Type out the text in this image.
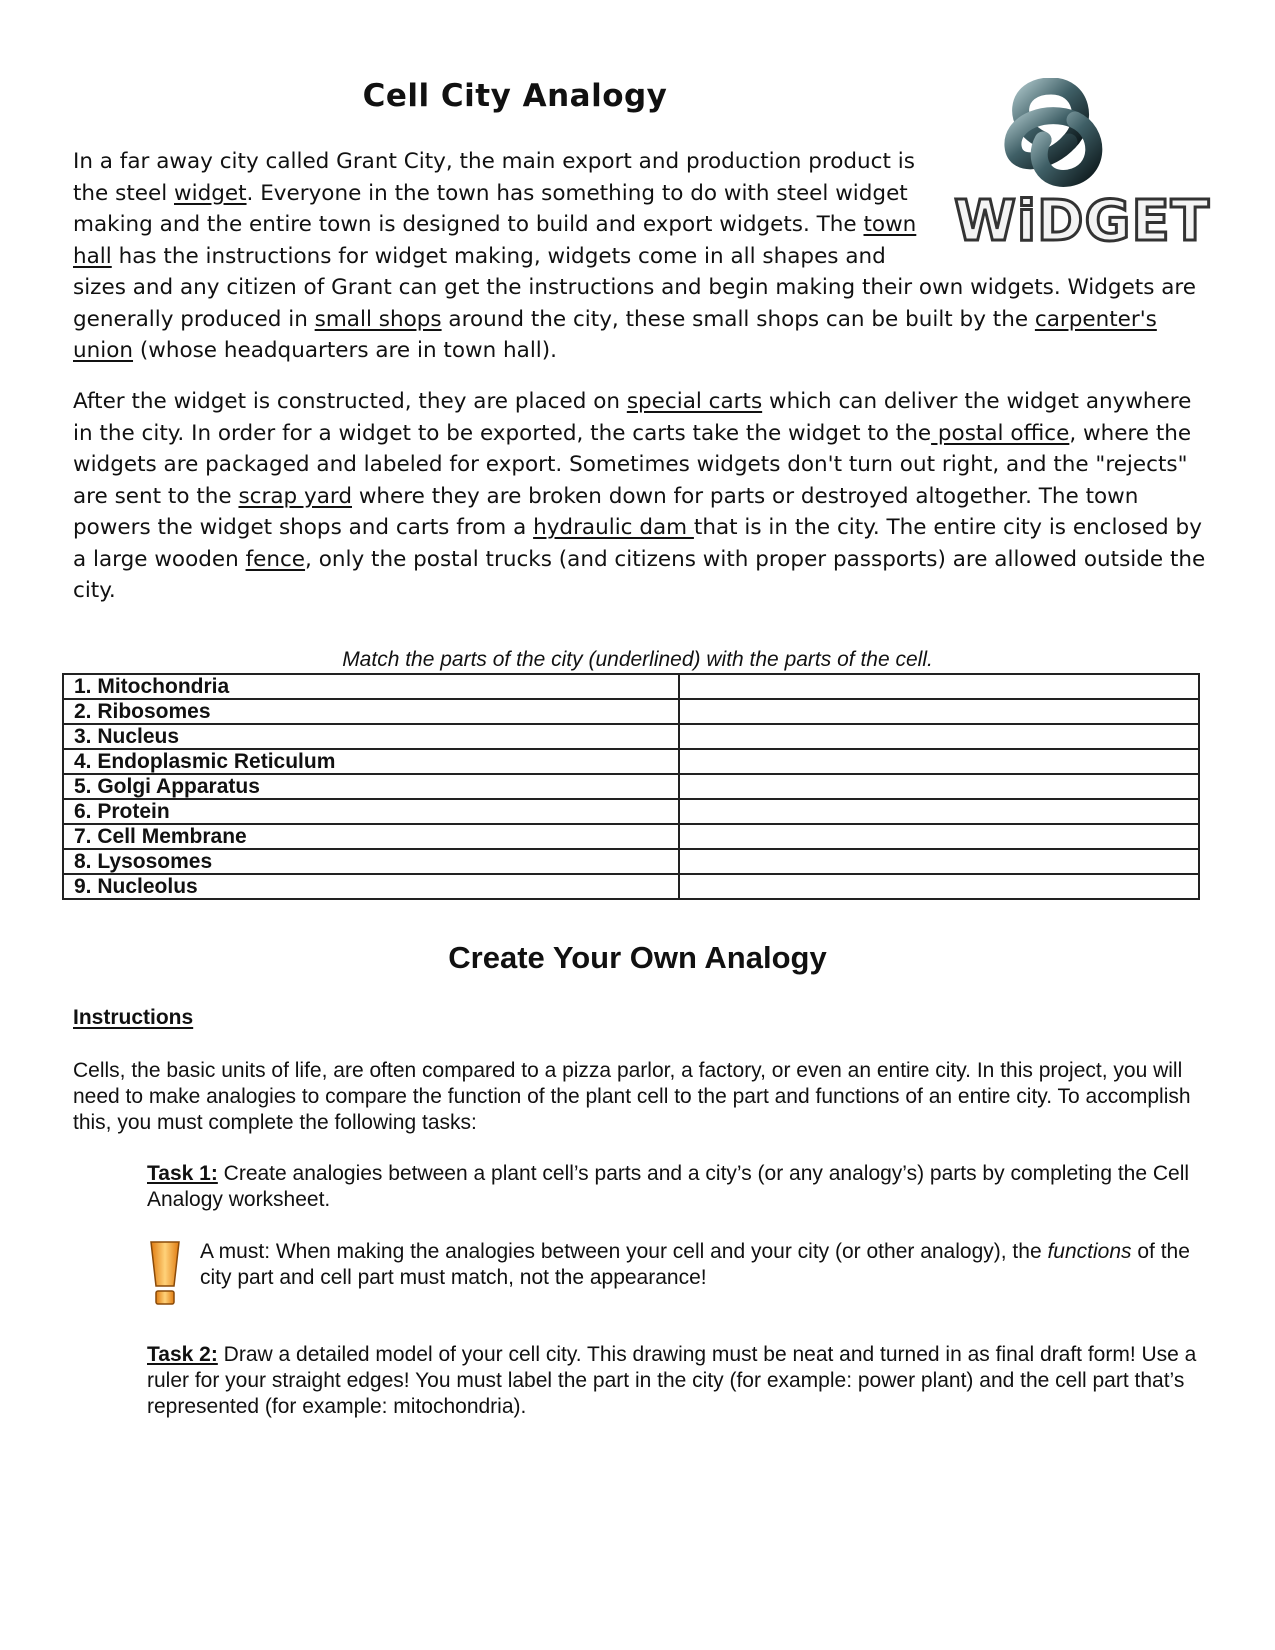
Cell City Analogy
WiDGET
In a far away city called Grant City, the main export and production product is the steel widget. Everyone in the town has something to do with steel widget making and the entire town is designed to build and export widgets. The town hall has the instructions for widget making, widgets come in all shapes and sizes and any citizen of Grant can get the instructions and begin making their own widgets. Widgets are generally produced in small shops around the city, these small shops can be built by the carpenter's union (whose headquarters are in town hall).
After the widget is constructed, they are placed on special carts which can deliver the widget anywhere in the city. In order for a widget to be exported, the carts take the widget to the postal office, where the widgets are packaged and labeled for export. Sometimes widgets don't turn out right, and the "rejects" are sent to the scrap yard where they are broken down for parts or destroyed altogether. The town powers the widget shops and carts from a hydraulic dam that is in the city. The entire city is enclosed by a large wooden fence, only the postal trucks (and citizens with proper passports) are allowed outside the city.
Match the parts of the city (underlined) with the parts of the cell.
1. Mitochondria	
2. Ribosomes	
3. Nucleus	
4. Endoplasmic Reticulum	
5. Golgi Apparatus	
6. Protein	
7. Cell Membrane	
8. Lysosomes	
9. Nucleolus	
Create Your Own Analogy
Instructions
Cells, the basic units of life, are often compared to a pizza parlor, a factory, or even an entire city. In this project, you will need to make analogies to compare the function of the plant cell to the part and functions of an entire city. To accomplish this, you must complete the following tasks:
Task 1: Create analogies between a plant cell’s parts and a city’s (or any analogy’s) parts by completing the Cell Analogy worksheet.
A must: When making the analogies between your cell and your city (or other analogy), the functions of the city part and cell part must match, not the appearance!
Task 2: Draw a detailed model of your cell city. This drawing must be neat and turned in as final draft form! Use a ruler for your straight edges! You must label the part in the city (for example: power plant) and the cell part that’s represented (for example: mitochondria).
